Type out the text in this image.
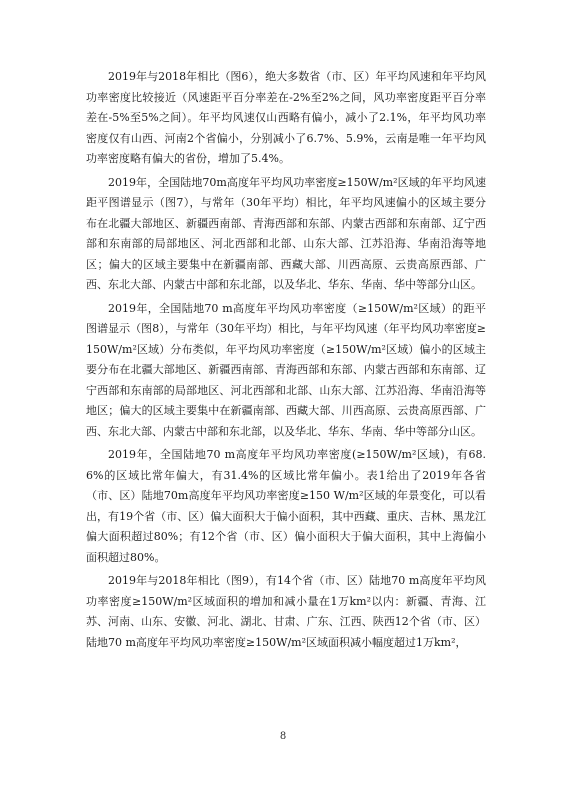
2019年与2018年相比（图6），绝大多数省（市、区）年平均风速和年平均风功率密度比较接近（风速距平百分率差在-2%至2%之间，风功率密度距平百分率差在-5%至5%之间）。年平均风速仅山西略有偏小，减小了2.1%，年平均风功率密度仅有山西、河南2个省偏小，分别减小了6.7%、5.9%，云南是唯一年平均风功率密度略有偏大的省份，增加了5.4%。

2019年，全国陆地70m高度年平均风功率密度≥150W/m²区域的年平均风速距平图谱显示（图7），与常年（30年平均）相比，年平均风速偏小的区域主要分布在北疆大部地区、新疆西南部、青海西部和东部、内蒙古西部和东南部、辽宁西部和东南部的局部地区、河北西部和北部、山东大部、江苏沿海、华南沿海等地区；偏大的区域主要集中在新疆南部、西藏大部、川西高原、云贵高原西部、广西、东北大部、内蒙古中部和东北部，以及华北、华东、华南、华中等部分山区。

2019年，全国陆地70 m高度年平均风功率密度（≥150W/m²区域）的距平图谱显示（图8），与常年（30年平均）相比，与年平均风速（年平均风功率密度≥150W/m²区域）分布类似，年平均风功率密度（≥150W/m²区域）偏小的区域主要分布在北疆大部地区、新疆西南部、青海西部和东部、内蒙古西部和东南部、辽宁西部和东南部的局部地区、河北西部和北部、山东大部、江苏沿海、华南沿海等地区；偏大的区域主要集中在新疆南部、西藏大部、川西高原、云贵高原西部、广西、东北大部、内蒙古中部和东北部，以及华北、华东、华南、华中等部分山区。

2019年，全国陆地70 m高度年平均风功率密度(≥150W/m²区域)，有68.6%的区域比常年偏大，有31.4%的区域比常年偏小。表1给出了2019年各省（市、区）陆地70m高度年平均风功率密度≥150 W/m²区域的年景变化，可以看出，有19个省（市、区）偏大面积大于偏小面积，其中西藏、重庆、吉林、黑龙江偏大面积超过80%；有12个省（市、区）偏小面积大于偏大面积，其中上海偏小面积超过80%。

2019年与2018年相比（图9），有14个省（市、区）陆地70 m高度年平均风功率密度≥150W/m²区域面积的增加和减小量在1万km²以内：新疆、青海、江苏、河南、山东、安徽、河北、湖北、甘肃、广东、江西、陕西12个省（市、区）陆地70 m高度年平均风功率密度≥150W/m²区域面积减小幅度超过1万km²，

8
